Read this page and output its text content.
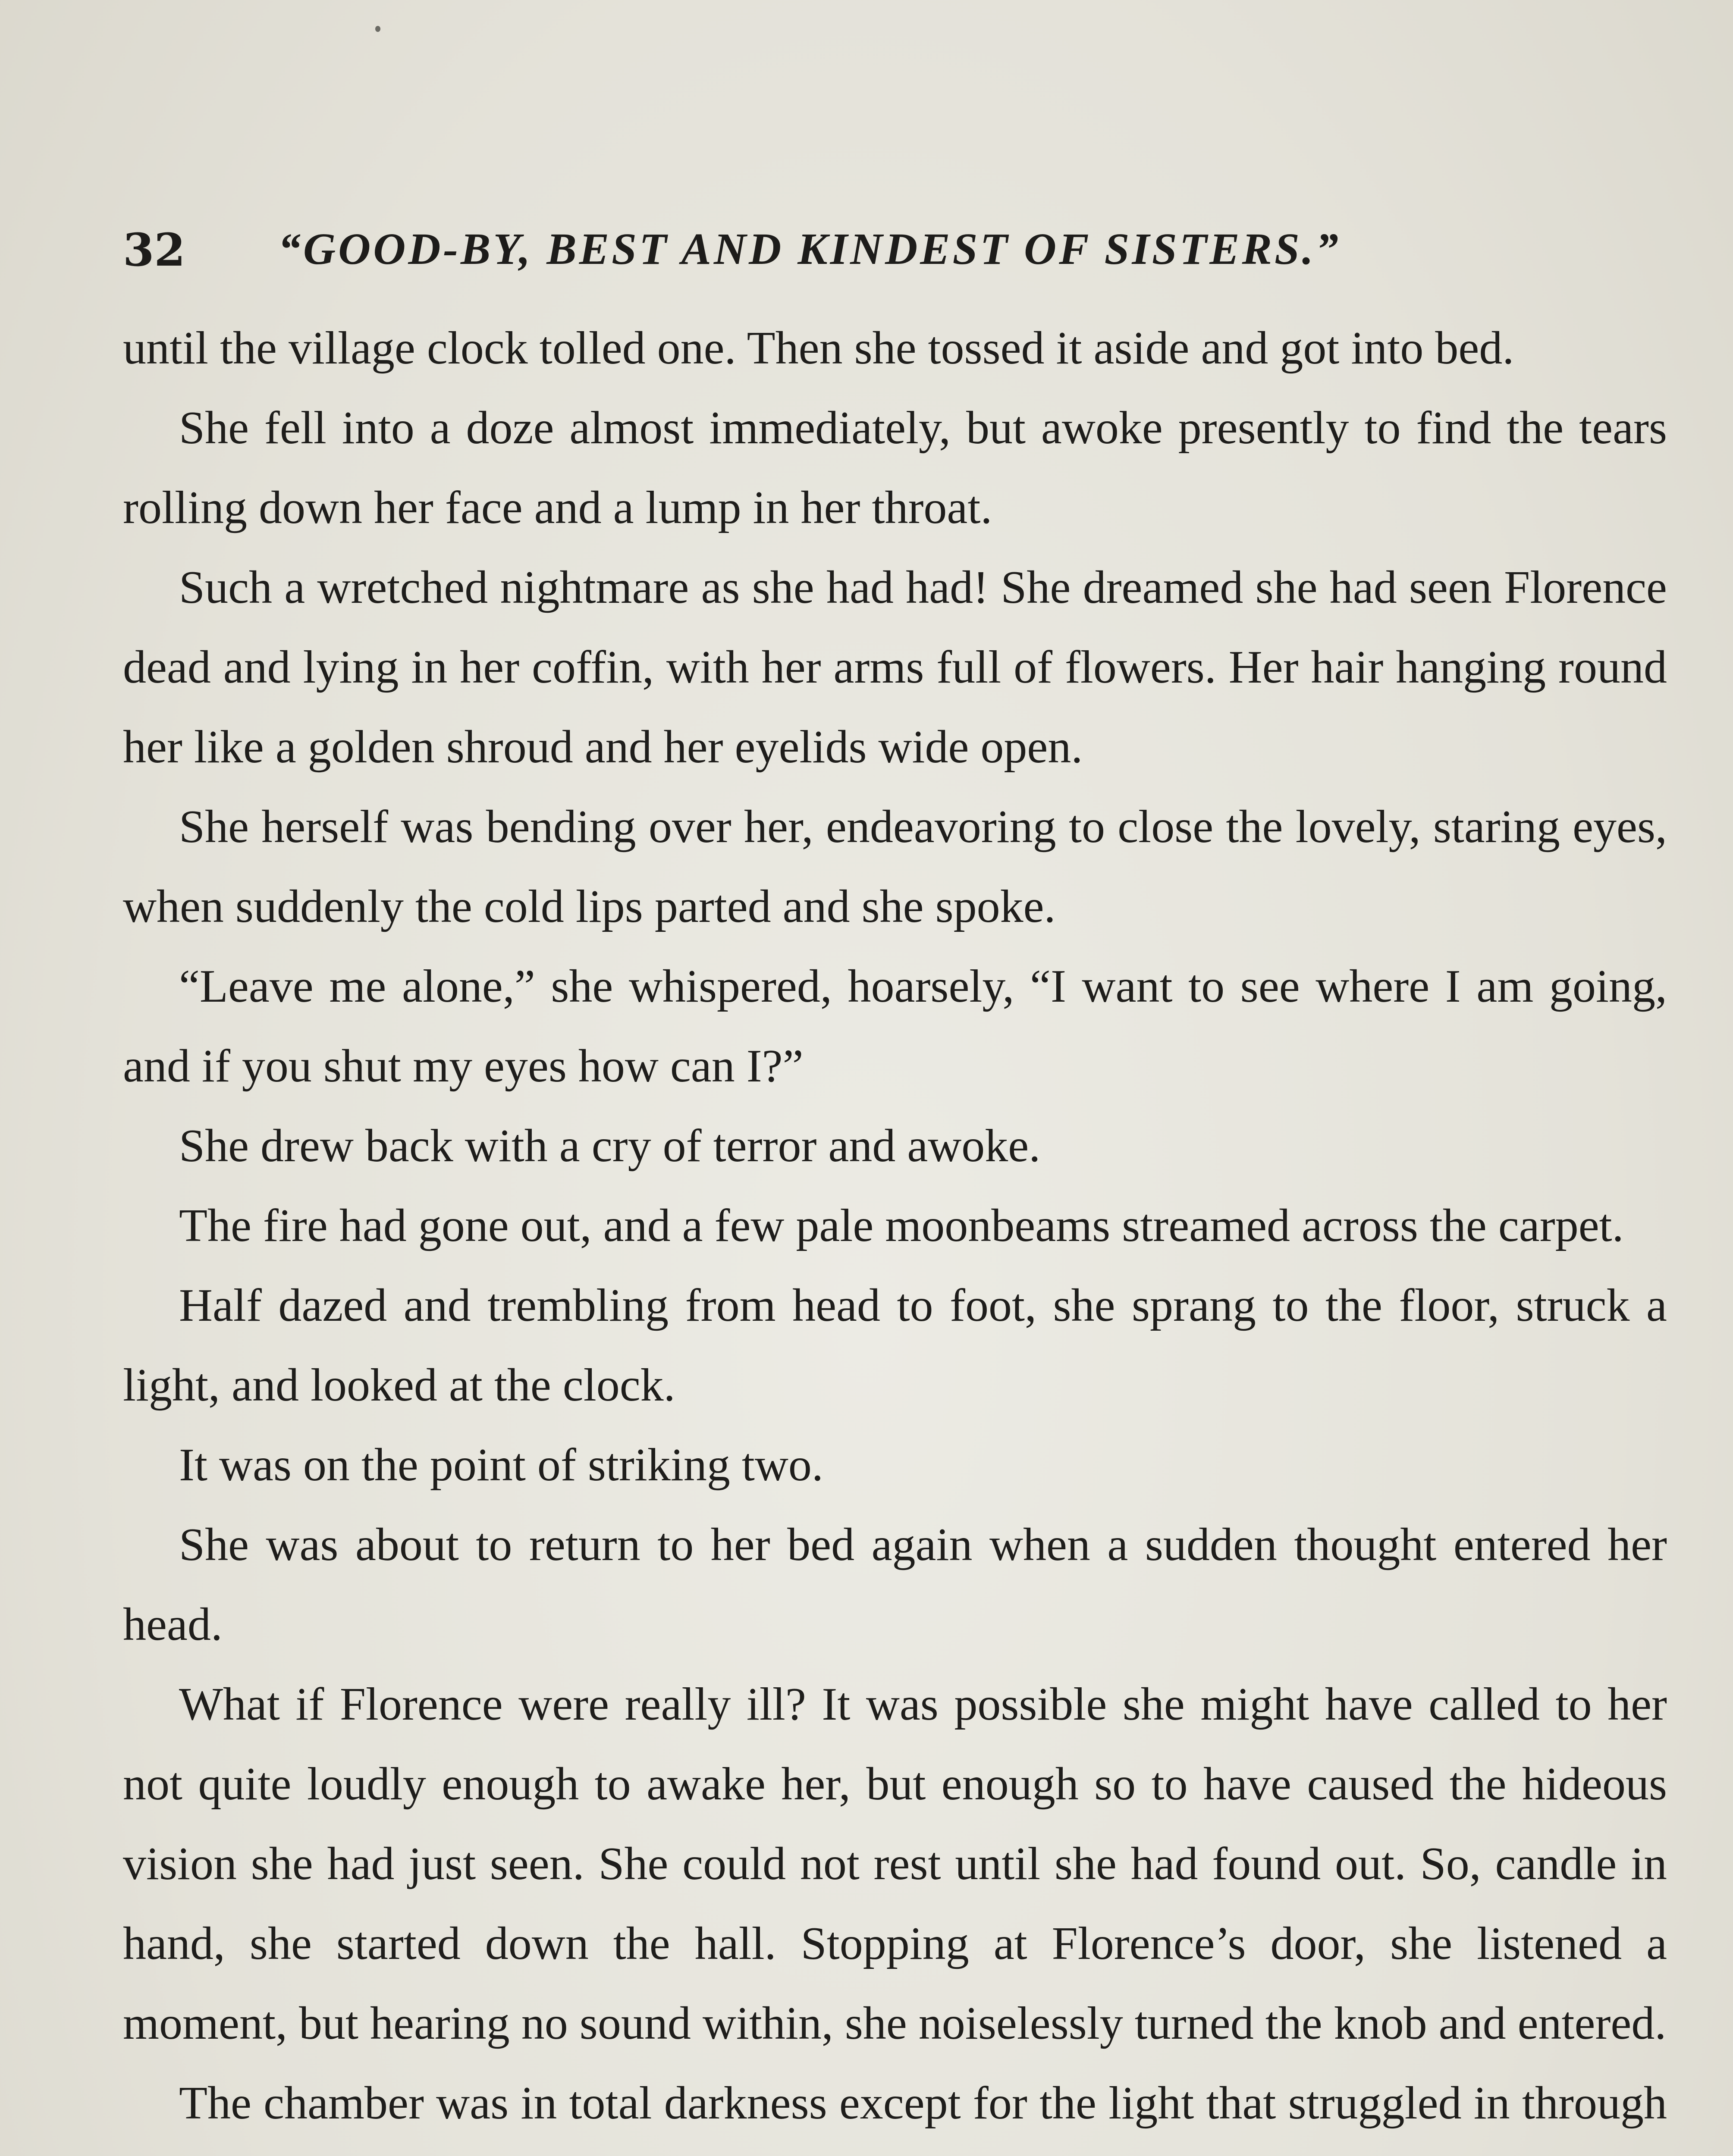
32 “GOOD-BY, BEST AND KINDEST OF SISTERS.”

until the village clock tolled one. Then she tossed it aside and got into bed.

She fell into a doze almost immediately, but awoke presently to find the tears rolling down her face and a lump in her throat.

Such a wretched nightmare as she had had! She dreamed she had seen Florence dead and lying in her coffin, with her arms full of flowers. Her hair hanging round her like a golden shroud and her eyelids wide open.

She herself was bending over her, endeavoring to close the lovely, staring eyes, when suddenly the cold lips parted and she spoke.

“Leave me alone,” she whispered, hoarsely, “I want to see where I am going, and if you shut my eyes how can I?”

She drew back with a cry of terror and awoke.

The fire had gone out, and a few pale moonbeams streamed across the carpet.

Half dazed and trembling from head to foot, she sprang to the floor, struck a light, and looked at the clock.

It was on the point of striking two.

She was about to return to her bed again when a sudden thought entered her head.

What if Florence were really ill? It was possible she might have called to her not quite loudly enough to awake her, but enough so to have caused the hideous vision she had just seen. She could not rest until she had found out. So, candle in hand, she started down the hall. Stopping at Florence’s door, she listened a moment, but hearing no sound within, she noiselessly turned the knob and entered.

The chamber was in total darkness except for the light that struggled in through
